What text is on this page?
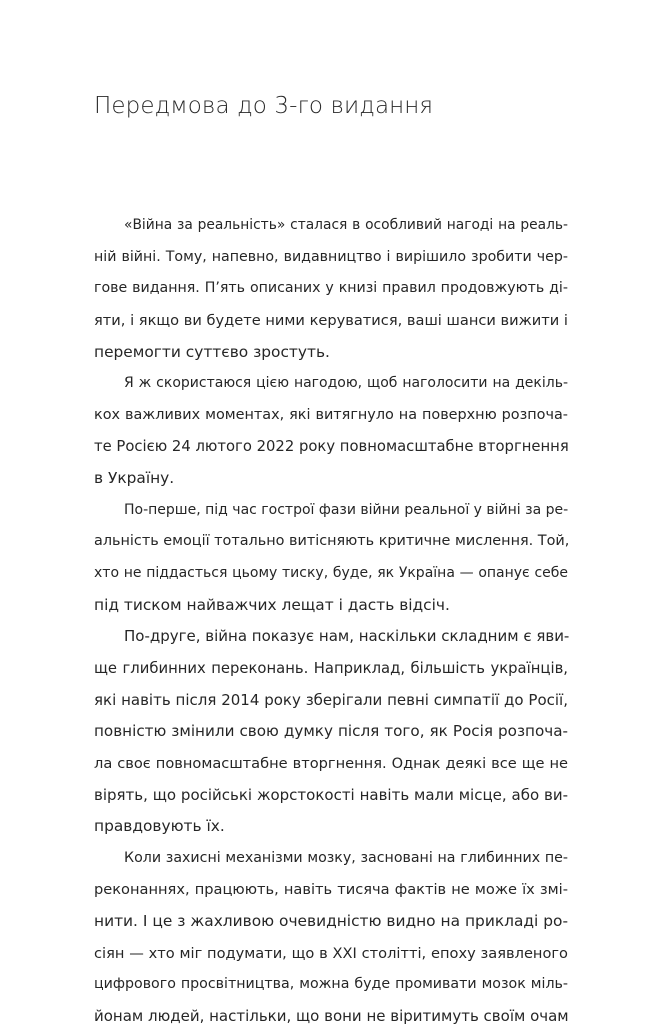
Передмова до 3-го видання
«Війна за реальність» сталася в особливий нагоді на реаль-
ній війні. Тому, напевно, видавництво і вирішило зробити чер-
гове видання. П’ять описаних у книзі правил продовжують ді-
яти, і якщо ви будете ними керуватися, ваші шанси вижити і
перемогти суттєво зростуть.
Я ж скористаюся цією нагодою, щоб наголосити на декіль-
кох важливих моментах, які витягнуло на поверхню розпоча-
те Росією 24 лютого 2022 року повномасштабне вторгнення
в Україну.
По-перше, під час гострої фази війни реальної у війні за ре-
альність емоції тотально витісняють критичне мислення. Той,
хто не піддасться цьому тиску, буде, як Україна — опанує себе
під тиском найважчих лещат і дасть відсіч.
По-друге, війна показує нам, наскільки складним є яви-
ще глибинних переконань. Наприклад, більшість українців,
які навіть після 2014 року зберігали певні симпатії до Росії,
повністю змінили свою думку після того, як Росія розпоча-
ла своє повномасштабне вторгнення. Однак деякі все ще не
вірять, що російські жорстокості навіть мали місце, або ви-
правдовують їх.
Коли захисні механізми мозку, засновані на глибинних пе-
реконаннях, працюють, навіть тисяча фактів не може їх змі-
нити. І це з жахливою очевидністю видно на прикладі ро-
сіян — хто міг подумати, що в XXI столітті, епоху заявленого
цифрового просвітництва, можна буде промивати мозок міль-
йонам людей, настільки, що вони не віритимуть своїм очам
